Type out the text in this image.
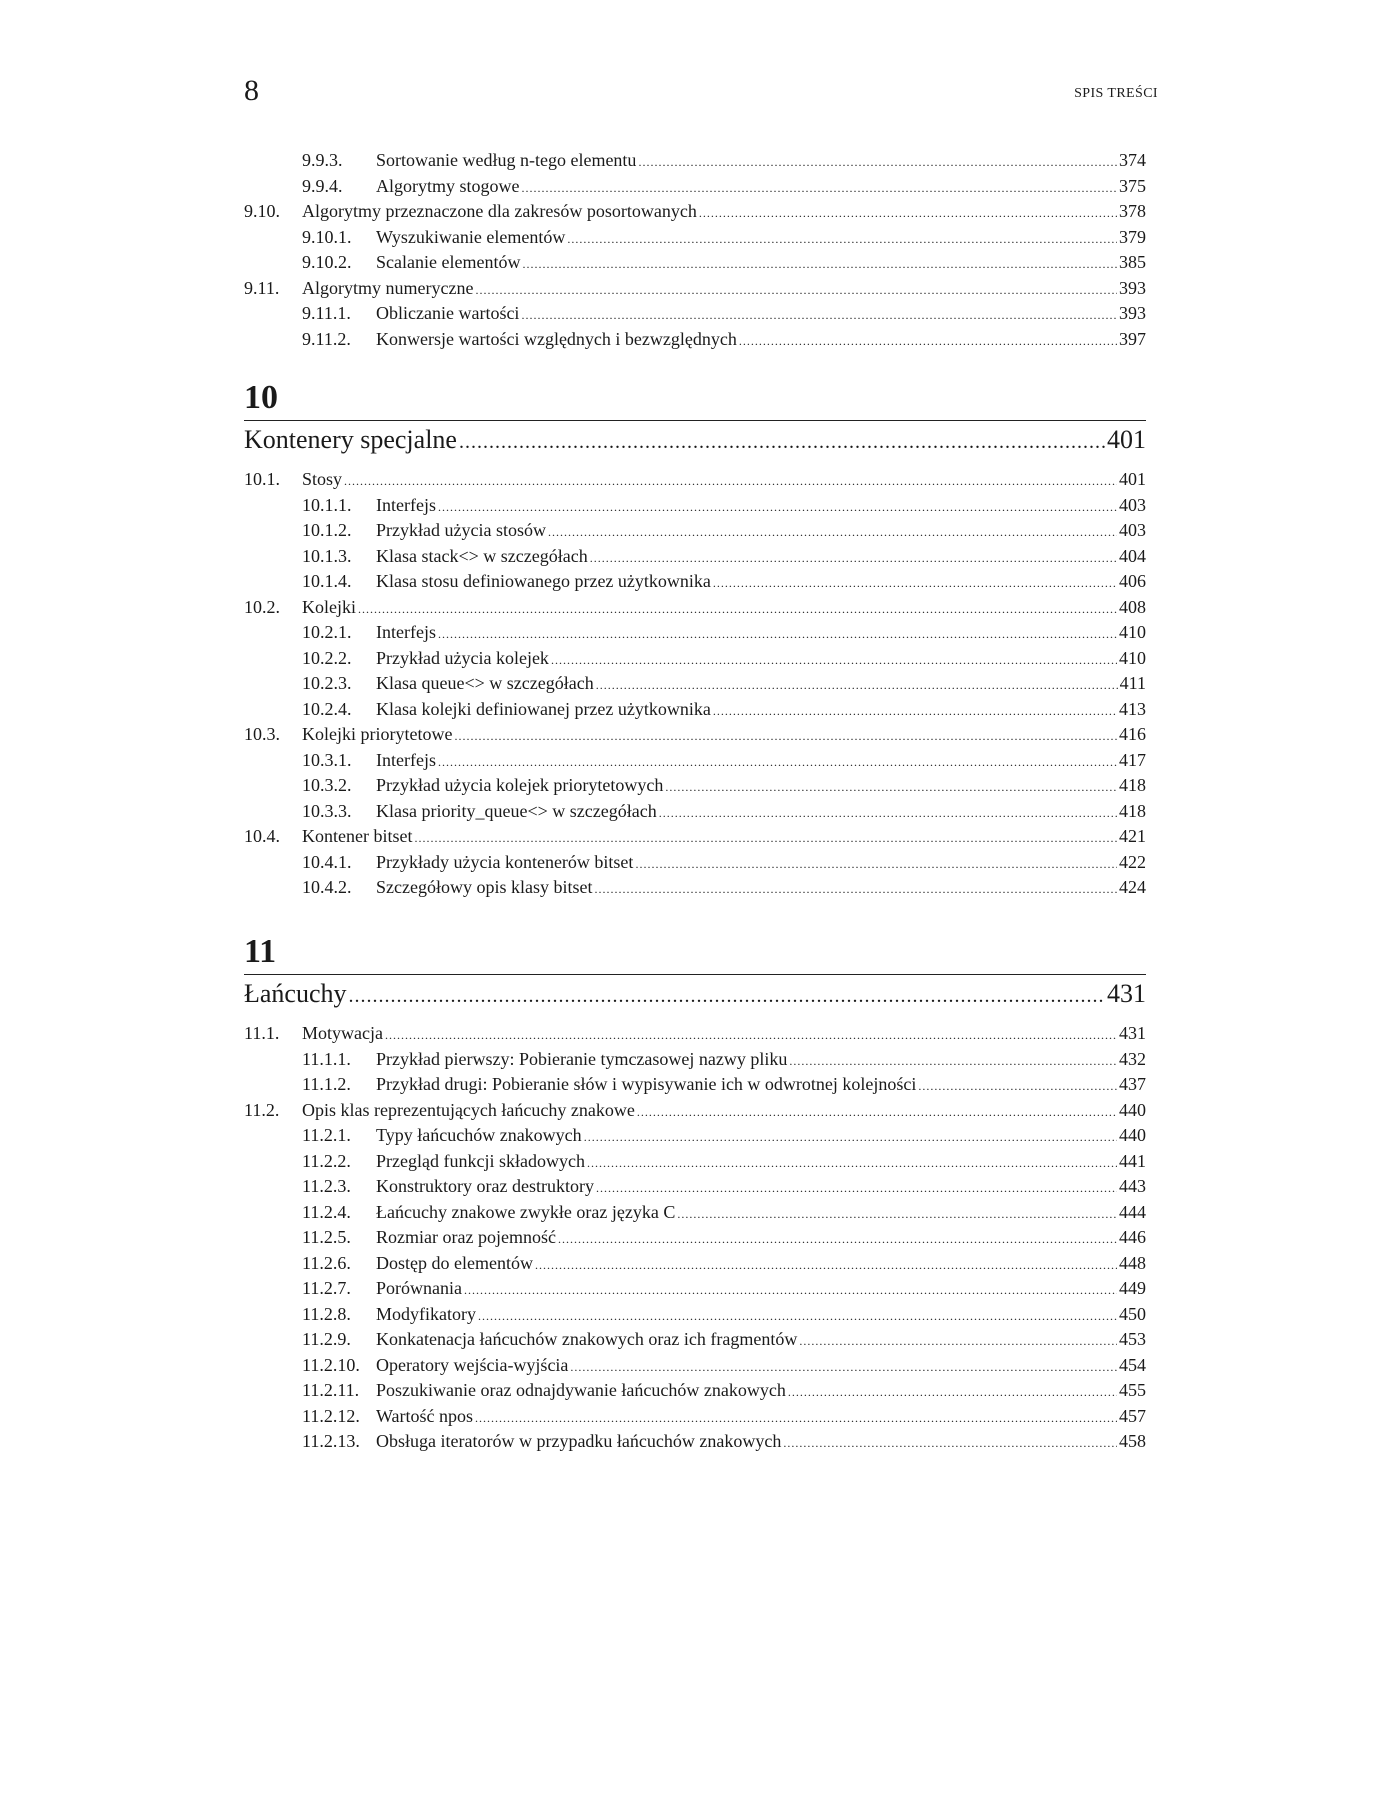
8	SPIS TREŚCI
9.9.3.	Sortowanie według n-tego elementu .....	374
9.9.4.	Algorytmy stogowe .....	375
9.10.	Algorytmy przeznaczone dla zakresów posortowanych .....	378
9.10.1.	Wyszukiwanie elementów .....	379
9.10.2.	Scalanie elementów .....	385
9.11.	Algorytmy numeryczne .....	393
9.11.1.	Obliczanie wartości .....	393
9.11.2.	Konwersje wartości względnych i bezwzględnych .....	397
10
Kontenery specjalne .....	401
10.1.	Stosy .....	401
10.1.1.	Interfejs .....	403
10.1.2.	Przykład użycia stosów .....	403
10.1.3.	Klasa stack<> w szczegółach .....	404
10.1.4.	Klasa stosu definiowanego przez użytkownika .....	406
10.2.	Kolejki .....	408
10.2.1.	Interfejs .....	410
10.2.2.	Przykład użycia kolejek .....	410
10.2.3.	Klasa queue<> w szczegółach .....	411
10.2.4.	Klasa kolejki definiowanej przez użytkownika .....	413
10.3.	Kolejki priorytetowe .....	416
10.3.1.	Interfejs .....	417
10.3.2.	Przykład użycia kolejek priorytetowych .....	418
10.3.3.	Klasa priority_queue<> w szczegółach .....	418
10.4.	Kontener bitset .....	421
10.4.1.	Przykłady użycia kontenerów bitset .....	422
10.4.2.	Szczegółowy opis klasy bitset .....	424
11
Łańcuchy .....	431
11.1.	Motywacja .....	431
11.1.1.	Przykład pierwszy: Pobieranie tymczasowej nazwy pliku .....	432
11.1.2.	Przykład drugi: Pobieranie słów i wypisywanie ich w odwrotnej kolejności .....	437
11.2.	Opis klas reprezentujących łańcuchy znakowe .....	440
11.2.1.	Typy łańcuchów znakowych .....	440
11.2.2.	Przegląd funkcji składowych .....	441
11.2.3.	Konstruktory oraz destruktory .....	443
11.2.4.	Łańcuchy znakowe zwykłe oraz języka C .....	444
11.2.5.	Rozmiar oraz pojemność .....	446
11.2.6.	Dostęp do elementów .....	448
11.2.7.	Porównania .....	449
11.2.8.	Modyfikatory .....	450
11.2.9.	Konkatenacja łańcuchów znakowych oraz ich fragmentów .....	453
11.2.10. Operatory wejścia-wyjścia .....	454
11.2.11. Poszukiwanie oraz odnajdywanie łańcuchów znakowych .....	455
11.2.12. Wartość npos .....	457
11.2.13. Obsługa iteratorów w przypadku łańcuchów znakowych .....	458
